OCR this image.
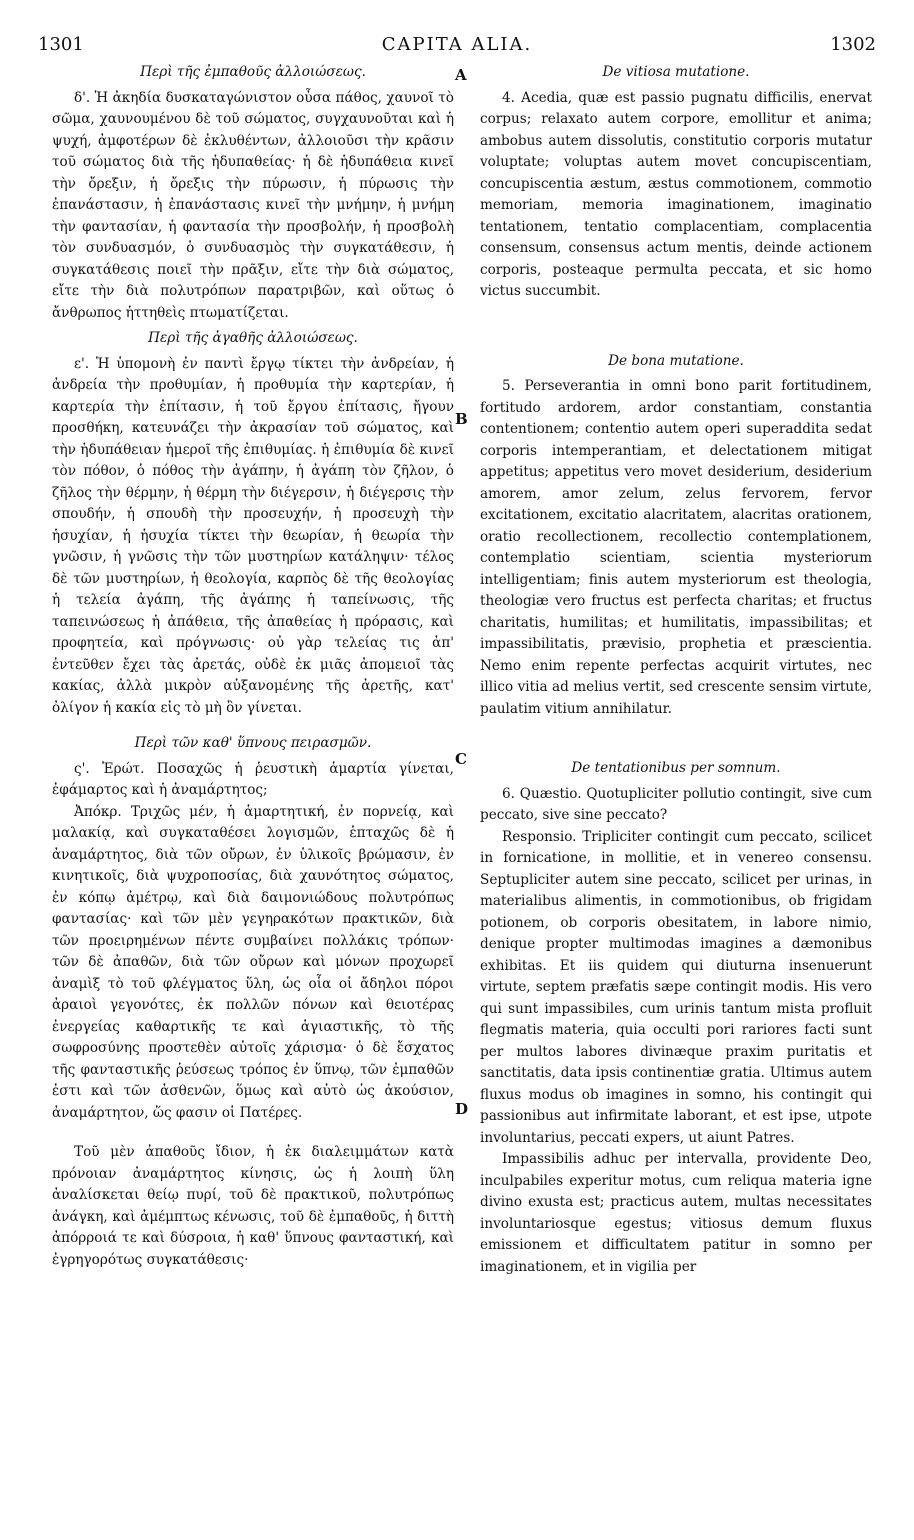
1301	CAPITA ALIA.	1302
A
B
C
D

Περὶ τῆς ἐμπαθοῦς ἀλλοιώσεως.

δ'. Ἡ ἀκηδία δυσκαταγώνιστον οὖσα πάθος, χαυνοῖ τὸ σῶμα, χαυνουμένου δὲ τοῦ σώματος, συγχαυνοῦται καὶ ἡ ψυχή, ἀμφοτέρων δὲ ἐκλυθέντων, ἀλλοιοῦσι τὴν κρᾶσιν τοῦ σώματος διὰ τῆς ἡδυπαθείας· ἡ δὲ ἡδυπάθεια κινεῖ τὴν ὄρεξιν, ἡ ὄρεξις τὴν πύρωσιν, ἡ πύρωσις τὴν ἐπανάστασιν, ἡ ἐπανάστασις κινεῖ τὴν μνήμην, ἡ μνήμη τὴν φαντασίαν, ἡ φαντασία τὴν προσβολήν, ἡ προσβολὴ τὸν συνδυασμόν, ὁ συνδυασμὸς τὴν συγκατάθεσιν, ἡ συγκατάθεσις ποιεῖ τὴν πρᾶξιν, εἴτε τὴν διὰ σώματος, εἴτε τὴν διὰ πολυτρόπων παρατριβῶν, καὶ οὕτως ὁ ἄνθρωπος ἡττηθεὶς πτωματίζεται.

Περὶ τῆς ἀγαθῆς ἀλλοιώσεως.

ε'. Ἡ ὑπομονὴ ἐν παντὶ ἔργῳ τίκτει τὴν ἀνδρείαν, ἡ ἀνδρεία τὴν προθυμίαν, ἡ προθυμία τὴν καρτερίαν, ἡ καρτερία τὴν ἐπίτασιν, ἡ τοῦ ἔργου ἐπίτασις, ἤγουν προσθήκη, κατευνάζει τὴν ἀκρασίαν τοῦ σώματος, καὶ τὴν ἡδυπάθειαν ἡμεροῖ τῆς ἐπιθυμίας. ἡ ἐπιθυμία δὲ κινεῖ τὸν πόθον, ὁ πόθος τὴν ἀγάπην, ἡ ἀγάπη τὸν ζῆλον, ὁ ζῆλος τὴν θέρμην, ἡ θέρμη τὴν διέγερσιν, ἡ διέγερσις τὴν σπουδήν, ἡ σπουδὴ τὴν προσευχήν, ἡ προσευχὴ τὴν ἡσυχίαν, ἡ ἡσυχία τίκτει τὴν θεωρίαν, ἡ θεωρία τὴν γνῶσιν, ἡ γνῶσις τὴν τῶν μυστηρίων κατάληψιν· τέλος δὲ τῶν μυστηρίων, ἡ θεολογία, καρπὸς δὲ τῆς θεολογίας ἡ τελεία ἀγάπη, τῆς ἀγάπης ἡ ταπείνωσις, τῆς ταπεινώσεως ἡ ἀπάθεια, τῆς ἀπαθείας ἡ πρόρασις, καὶ προφητεία, καὶ πρόγνωσις· οὐ γὰρ τελείας τις ἀπ' ἐντεῦθεν ἔχει τὰς ἀρετάς, οὐδὲ ἐκ μιᾶς ἀπομειοῖ τὰς κακίας, ἀλλὰ μικρὸν αὐξανομένης τῆς ἀρετῆς, κατ' ὀλίγον ἡ κακία εἰς τὸ μὴ ὂν γίνεται.

Περὶ τῶν καθ' ὕπνους πειρασμῶν.

ς'. Ἐρώτ. Ποσαχῶς ἡ ῥευστικὴ ἁμαρτία γίνεται, ἐφάμαρτος καὶ ἡ ἀναμάρτητος;

Ἀπόκρ. Τριχῶς μέν, ἡ ἁμαρτητική, ἐν πορνείᾳ, καὶ μαλακίᾳ, καὶ συγκαταθέσει λογισμῶν, ἑπταχῶς δὲ ἡ ἀναμάρτητος, διὰ τῶν οὔρων, ἐν ὑλικοῖς βρώμασιν, ἐν κινητικοῖς, διὰ ψυχροποσίας, διὰ χαυνότητος σώματος, ἐν κόπῳ ἀμέτρῳ, καὶ διὰ δαιμονιώδους πολυτρόπως φαντασίας· καὶ τῶν μὲν γεγηρακότων πρακτικῶν, διὰ τῶν προειρημένων πέντε συμβαίνει πολλάκις τρόπων· τῶν δὲ ἀπαθῶν, διὰ τῶν οὔρων καὶ μόνων προχωρεῖ ἀναμὶξ τὸ τοῦ φλέγματος ὕλη, ὡς οἷα οἱ ἄδηλοι πόροι ἀραιοὶ γεγονότες, ἐκ πολλῶν πόνων καὶ θειοτέρας ἐνεργείας καθαρτικῆς τε καὶ ἁγιαστικῆς, τὸ τῆς σωφροσύνης προστεθὲν αὐτοῖς χάρισμα· ὁ δὲ ἔσχατος τῆς φανταστικῆς ῥεύσεως τρόπος ἐν ὕπνῳ, τῶν ἐμπαθῶν ἐστι καὶ τῶν ἀσθενῶν, ὅμως καὶ αὐτὸ ὡς ἀκούσιον, ἀναμάρτητον, ὥς φασιν οἱ Πατέρες.

Τοῦ μὲν ἀπαθοῦς ἴδιον, ἡ ἐκ διαλειμμάτων κατὰ πρόνοιαν ἀναμάρτητος κίνησις, ὡς ἡ λοιπὴ ὕλη ἀναλίσκεται θείῳ πυρί, τοῦ δὲ πρακτικοῦ, πολυτρόπως ἀνάγκη, καὶ ἀμέμπτως κένωσις, τοῦ δὲ ἐμπαθοῦς, ἡ διττὴ ἀπόρροιά τε καὶ δύσροια, ἡ καθ' ὕπνους φανταστική, καὶ ἐγρηγορότως συγκατάθεσις·

De vitiosa mutatione.

4. Acedia, quæ est passio pugnatu difficilis, enervat corpus; relaxato autem corpore, emollitur et anima; ambobus autem dissolutis, constitutio corporis mutatur voluptate; voluptas autem movet concupiscentiam, concupiscentia æstum, æstus commotionem, commotio memoriam, memoria imaginationem, imaginatio tentationem, tentatio complacentiam, complacentia consensum, consensus actum mentis, deinde actionem corporis, posteaque permulta peccata, et sic homo victus succumbit.

De bona mutatione.

5. Perseverantia in omni bono parit fortitudinem, fortitudo ardorem, ardor constantiam, constantia contentionem; contentio autem operi superaddita sedat corporis intemperantiam, et delectationem mitigat appetitus; appetitus vero movet desiderium, desiderium amorem, amor zelum, zelus fervorem, fervor excitationem, excitatio alacritatem, alacritas orationem, oratio recollectionem, recollectio contemplationem, contemplatio scientiam, scientia mysteriorum intelligentiam; finis autem mysteriorum est theologia, theologiæ vero fructus est perfecta charitas; et fructus charitatis, humilitas; et humilitatis, impassibilitas; et impassibilitatis, prævisio, prophetia et præscientia. Nemo enim repente perfectas acquirit virtutes, nec illico vitia ad melius vertit, sed crescente sensim virtute, paulatim vitium annihilatur.

De tentationibus per somnum.

6. Quæstio. Quotupliciter pollutio contingit, sive cum peccato, sive sine peccato?

Responsio. Tripliciter contingit cum peccato, scilicet in fornicatione, in mollitie, et in venereo consensu. Septupliciter autem sine peccato, scilicet per urinas, in materialibus alimentis, in commotionibus, ob frigidam potionem, ob corporis obesitatem, in labore nimio, denique propter multimodas imagines a dæmonibus exhibitas. Et iis quidem qui diuturna insenuerunt virtute, septem præfatis sæpe contingit modis. His vero qui sunt impassibiles, cum urinis tantum mista profluit flegmatis materia, quia occulti pori rariores facti sunt per multos labores divinæque praxim puritatis et sanctitatis, data ipsis continentiæ gratia. Ultimus autem fluxus modus ob imagines in somno, his contingit qui passionibus aut infirmitate laborant, et est ipse, utpote involuntarius, peccati expers, ut aiunt Patres.

Impassibilis adhuc per intervalla, providente Deo, inculpabiles experitur motus, cum reliqua materia igne divino exusta est; practicus autem, multas necessitates involuntariosque egestus; vitiosus demum fluxus emissionem et difficultatem patitur in somno per imaginationem, et in vigilia per
